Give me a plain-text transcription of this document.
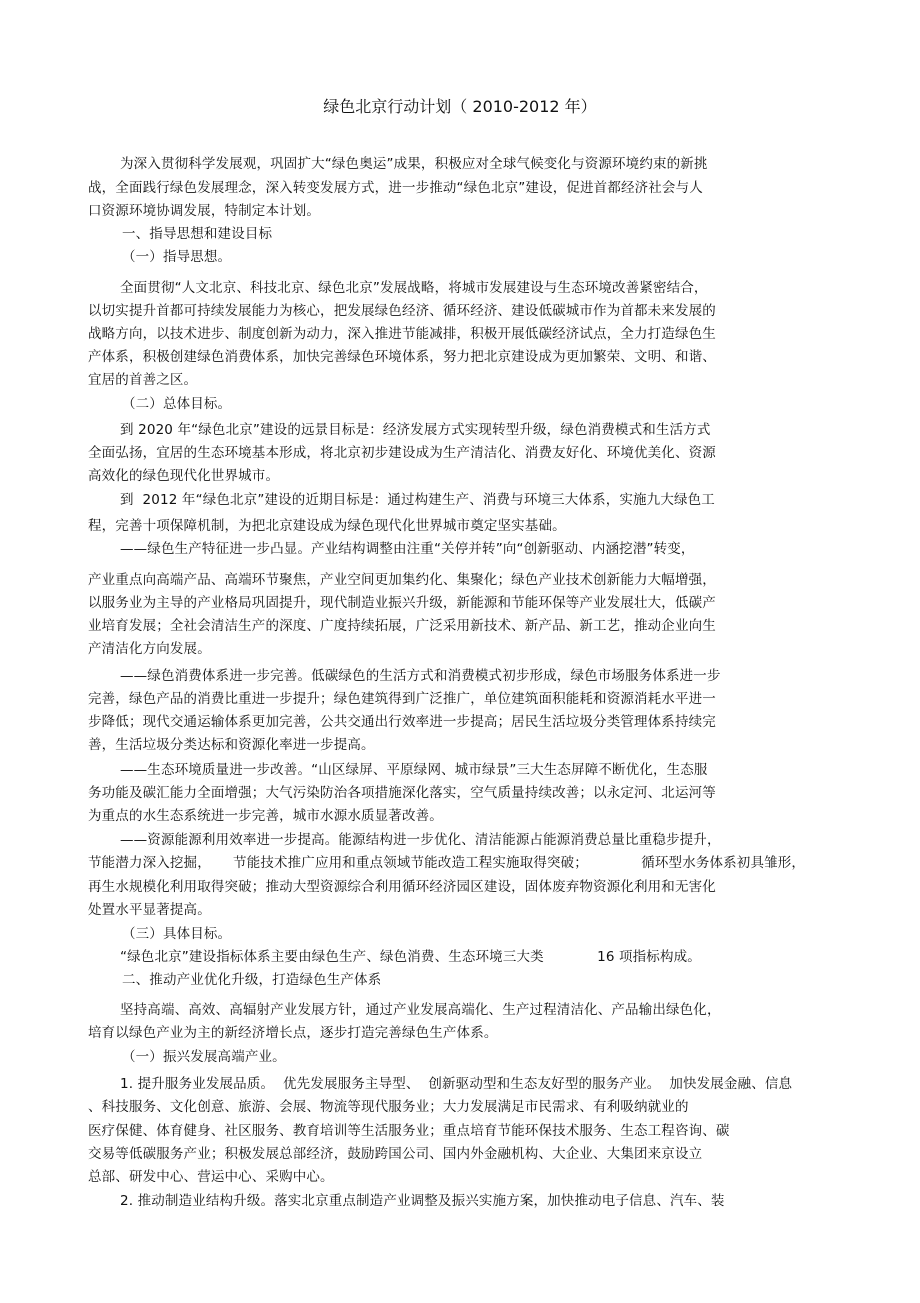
绿色北京行动计划（ 2010-2012 年）
为深入贯彻科学发展观，巩固扩大“绿色奥运”成果，积极应对全球气候变化与资源环境约束的新挑
战，全面践行绿色发展理念，深入转变发展方式，进一步推动“绿色北京”建设，促进首都经济社会与人
口资源环境协调发展，特制定本计划。
一、指导思想和建设目标
（一）指导思想。
全面贯彻“人文北京、科技北京、绿色北京”发展战略，将城市发展建设与生态环境改善紧密结合，
以切实提升首都可持续发展能力为核心，把发展绿色经济、循环经济、建设低碳城市作为首都未来发展的
战略方向，以技术进步、制度创新为动力，深入推进节能减排，积极开展低碳经济试点，全力打造绿色生
产体系，积极创建绿色消费体系，加快完善绿色环境体系，努力把北京建设成为更加繁荣、文明、和谐、
宜居的首善之区。
（二）总体目标。
到 2020 年“绿色北京”建设的远景目标是：经济发展方式实现转型升级，绿色消费模式和生活方式
全面弘扬，宜居的生态环境基本形成，将北京初步建设成为生产清洁化、消费友好化、环境优美化、资源
高效化的绿色现代化世界城市。
到  2012 年“绿色北京”建设的近期目标是：通过构建生产、消费与环境三大体系，实施九大绿色工
程，完善十项保障机制，为把北京建设成为绿色现代化世界城市奠定坚实基础。
——绿色生产特征进一步凸显。产业结构调整由注重“关停并转”向“创新驱动、内涵挖潜”转变，
产业重点向高端产品、高端环节聚焦，产业空间更加集约化、集聚化；绿色产业技术创新能力大幅增强，
以服务业为主导的产业格局巩固提升，现代制造业振兴升级，新能源和节能环保等产业发展壮大，低碳产
业培育发展；全社会清洁生产的深度、广度持续拓展，广泛采用新技术、新产品、新工艺，推动企业向生
产清洁化方向发展。
——绿色消费体系进一步完善。低碳绿色的生活方式和消费模式初步形成，绿色市场服务体系进一步
完善，绿色产品的消费比重进一步提升；绿色建筑得到广泛推广，单位建筑面积能耗和资源消耗水平进一
步降低；现代交通运输体系更加完善，公共交通出行效率进一步提高；居民生活垃圾分类管理体系持续完
善，生活垃圾分类达标和资源化率进一步提高。
——生态环境质量进一步改善。“山区绿屏、平原绿网、城市绿景”三大生态屏障不断优化，生态服
务功能及碳汇能力全面增强；大气污染防治各项措施深化落实，空气质量持续改善；以永定河、北运河等
为重点的水生态系统进一步完善，城市水源水质显著改善。
——资源能源利用效率进一步提高。能源结构进一步优化、清洁能源占能源消费总量比重稳步提升，
节能潜力深入挖掘，     节能技术推广应用和重点领域节能改造工程实施取得突破；            循环型水务体系初具雏形，
再生水规模化利用取得突破；推动大型资源综合利用循环经济园区建设，固体废弃物资源化利用和无害化
处置水平显著提高。
（三）具体目标。
“绿色北京”建设指标体系主要由绿色生产、绿色消费、生态环境三大类            16 项指标构成。
二、推动产业优化升级，打造绿色生产体系
坚持高端、高效、高辐射产业发展方针，通过产业发展高端化、生产过程清洁化、产品输出绿色化，
培育以绿色产业为主的新经济增长点，逐步打造完善绿色生产体系。
（一）振兴发展高端产业。
1. 提升服务业发展品质。  优先发展服务主导型、  创新驱动型和生态友好型的服务产业。  加快发展金融、信息
、科技服务、文化创意、旅游、会展、物流等现代服务业；大力发展满足市民需求、有利吸纳就业的
医疗保健、体育健身、社区服务、教育培训等生活服务业；重点培育节能环保技术服务、生态工程咨询、碳
交易等低碳服务产业；积极发展总部经济，鼓励跨国公司、国内外金融机构、大企业、大集团来京设立
总部、研发中心、营运中心、采购中心。
2. 推动制造业结构升级。落实北京重点制造产业调整及振兴实施方案，加快推动电子信息、汽车、装
